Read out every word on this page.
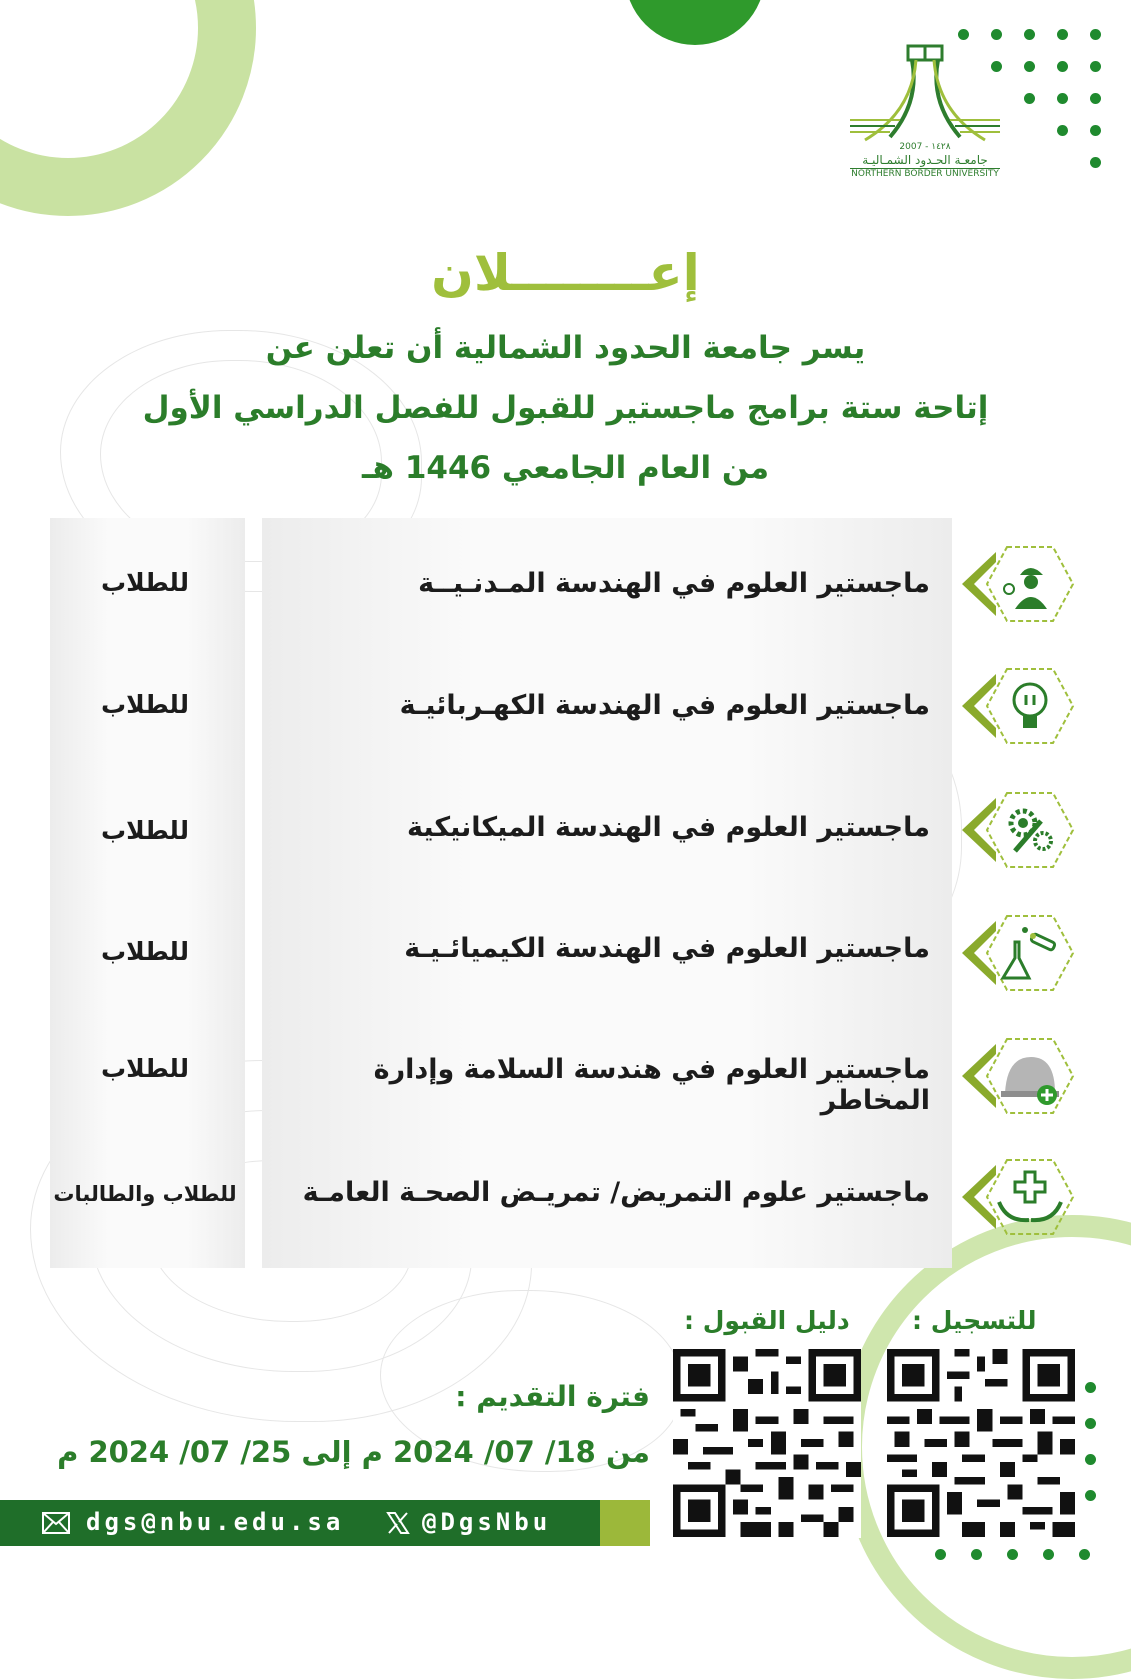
2007 - ١٤٢٨
جامعـة الحـدود الشمـاليـة
NORTHERN BORDER UNIVERSITY
إعــــــــلان
يسر جامعة الحدود الشمالية أن تعلن عن
إتاحة ستة برامج ماجستير للقبول للفصل الدراسي الأول
من العام الجامعي 1446 هـ
ماجستير العلوم في الهندسة المـدنـيــة
للطلاب
ماجستير العلوم في الهندسة الكهـربائيـة
للطلاب
ماجستير العلوم في الهندسة الميكانيكية
للطلاب
ماجستير العلوم في الهندسة الكيميائـيـة
للطلاب
ماجستير العلوم في هندسة السلامة وإدارة المخاطر
للطلاب
ماجستير علوم التمريض/ تمريـض الصحـة العامـة
للطلاب والطالبات
للتسجيل :
دليل القبول :
فترة التقديم :
من 18/ 07/ 2024 م إلى 25/ 07/ 2024 م
dgs@nbu.edu.sa	@DgsNbu
